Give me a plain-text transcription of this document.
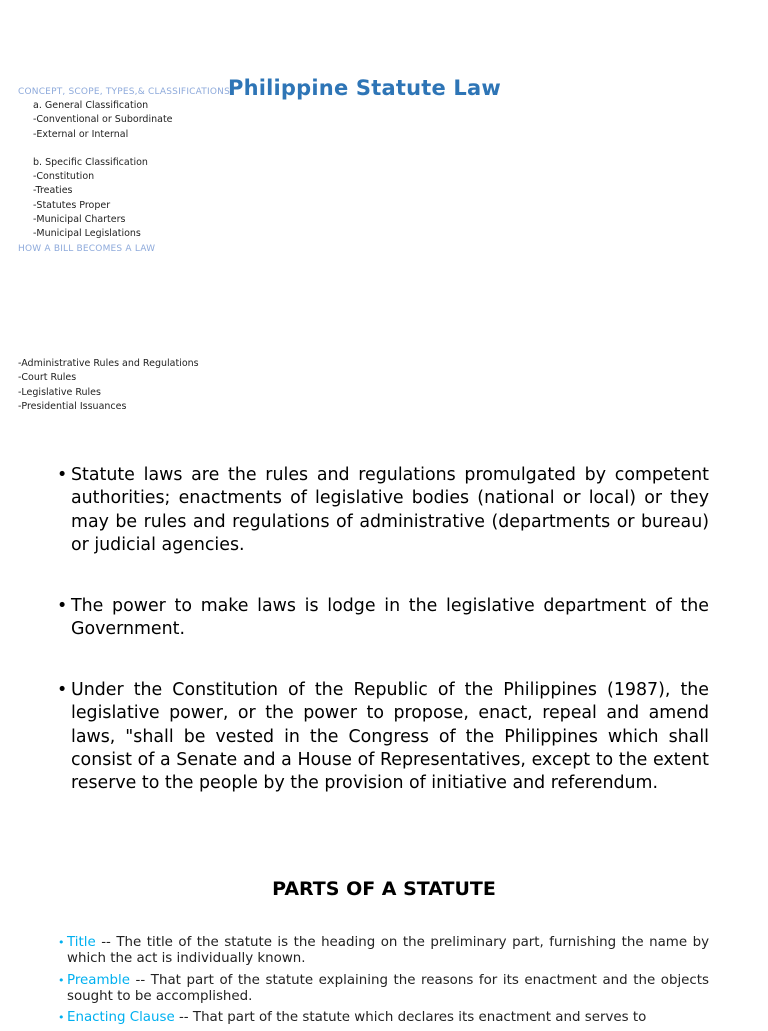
Philippine Statute Law
CONCEPT, SCOPE, TYPES,& CLASSIFICATIONS
a. General Classification
-Conventional or Subordinate
-External or Internal
b. Specific Classification
-Constitution
-Treaties
-Statutes Proper
-Municipal Charters
-Municipal Legislations
HOW A BILL BECOMES A LAW
-Administrative Rules and Regulations
-Court Rules
-Legislative Rules
-Presidential Issuances
• Statute laws are the rules and regulations promulgated by competent authorities; enactments of legislative bodies (national or local) or they may be rules and regulations of administrative (departments or bureau) or judicial agencies.
• The power to make laws is lodge in the legislative department of the Government.
• Under the Constitution of the Republic of the Philippines (1987), the legislative power, or the power to propose, enact, repeal and amend laws, "shall be vested in the Congress of the Philippines which shall consist of a Senate and a House of Representatives, except to the extent reserve to the people by the provision of initiative and referendum.
PARTS OF A STATUTE
• Title -- The title of the statute is the heading on the preliminary part, furnishing the name by which the act is individually known.
• Preamble -- That part of the statute explaining the reasons for its enactment and the objects sought to be accomplished.
• Enacting Clause -- That part of the statute which declares its enactment and serves to
